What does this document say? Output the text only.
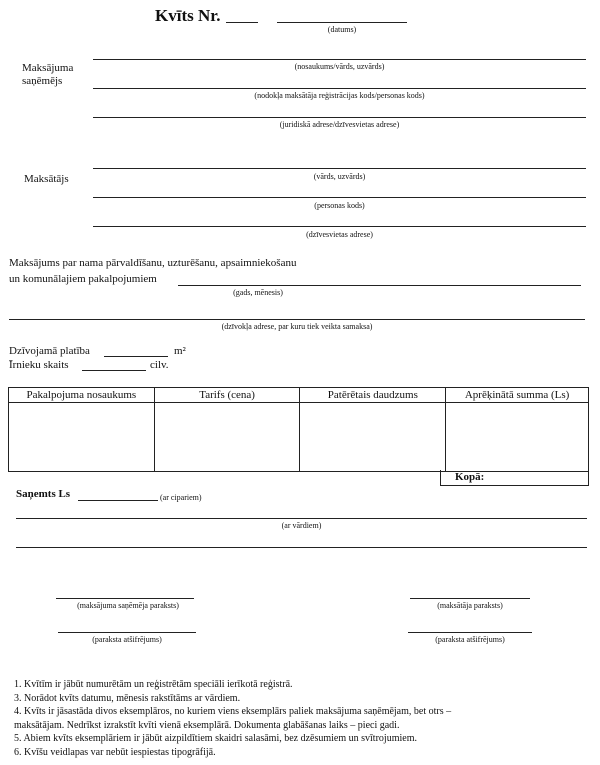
Kvīts Nr.
(datums)
Maksājuma
saņēmējs
(nosaukums/vārds, uzvārds)
(nodokļa maksātāja reģistrācijas kods/personas kods)
(juridiskā adrese/dzīvesvietas adrese)
Maksātājs	(vārds, uzvārds)
(personas kods)
(dzīvesvietas adrese)
Maksājums par nama pārvaldīšanu, uzturēšanu, apsaimniekošanu
un komunālajiem pakalpojumiem
(gads, mēnesis)
(dzīvokļa adrese, par kuru tiek veikta samaksa)
Dzīvojamā platība	m²
Īrnieku skaits	cilv.
Pakalpojuma nosaukums	Tarifs (cena)	Patērētais daudzums	Aprēķinātā summa (Ls)

Kopā:
Saņemts Ls	(ar cipariem)
(ar vārdiem)
(maksājuma saņēmēja paraksts)	(maksātāja paraksts)
(paraksta atšifrējums)	(paraksta atšifrējums)
1. Kvītīm ir jābūt numurētām un reģistrētām speciāli ierīkotā reģistrā.
3. Norādot kvīts datumu, mēnesis rakstītāms ar vārdiem.
4. Kvīts ir jāsastāda divos eksemplāros, no kuriem viens eksemplārs paliek maksājuma saņēmējam, bet otrs –
maksātājam. Nedrīkst izrakstīt kvīti vienā eksemplārā. Dokumenta glabāšanas laiks – pieci gadi.
5. Abiem kvīts eksemplāriem ir jābūt aizpildītiem skaidri salasāmi, bez dzēsumiem un svītrojumiem.
6. Kvīšu veidlapas var nebūt iespiestas tipogrāfijā.
